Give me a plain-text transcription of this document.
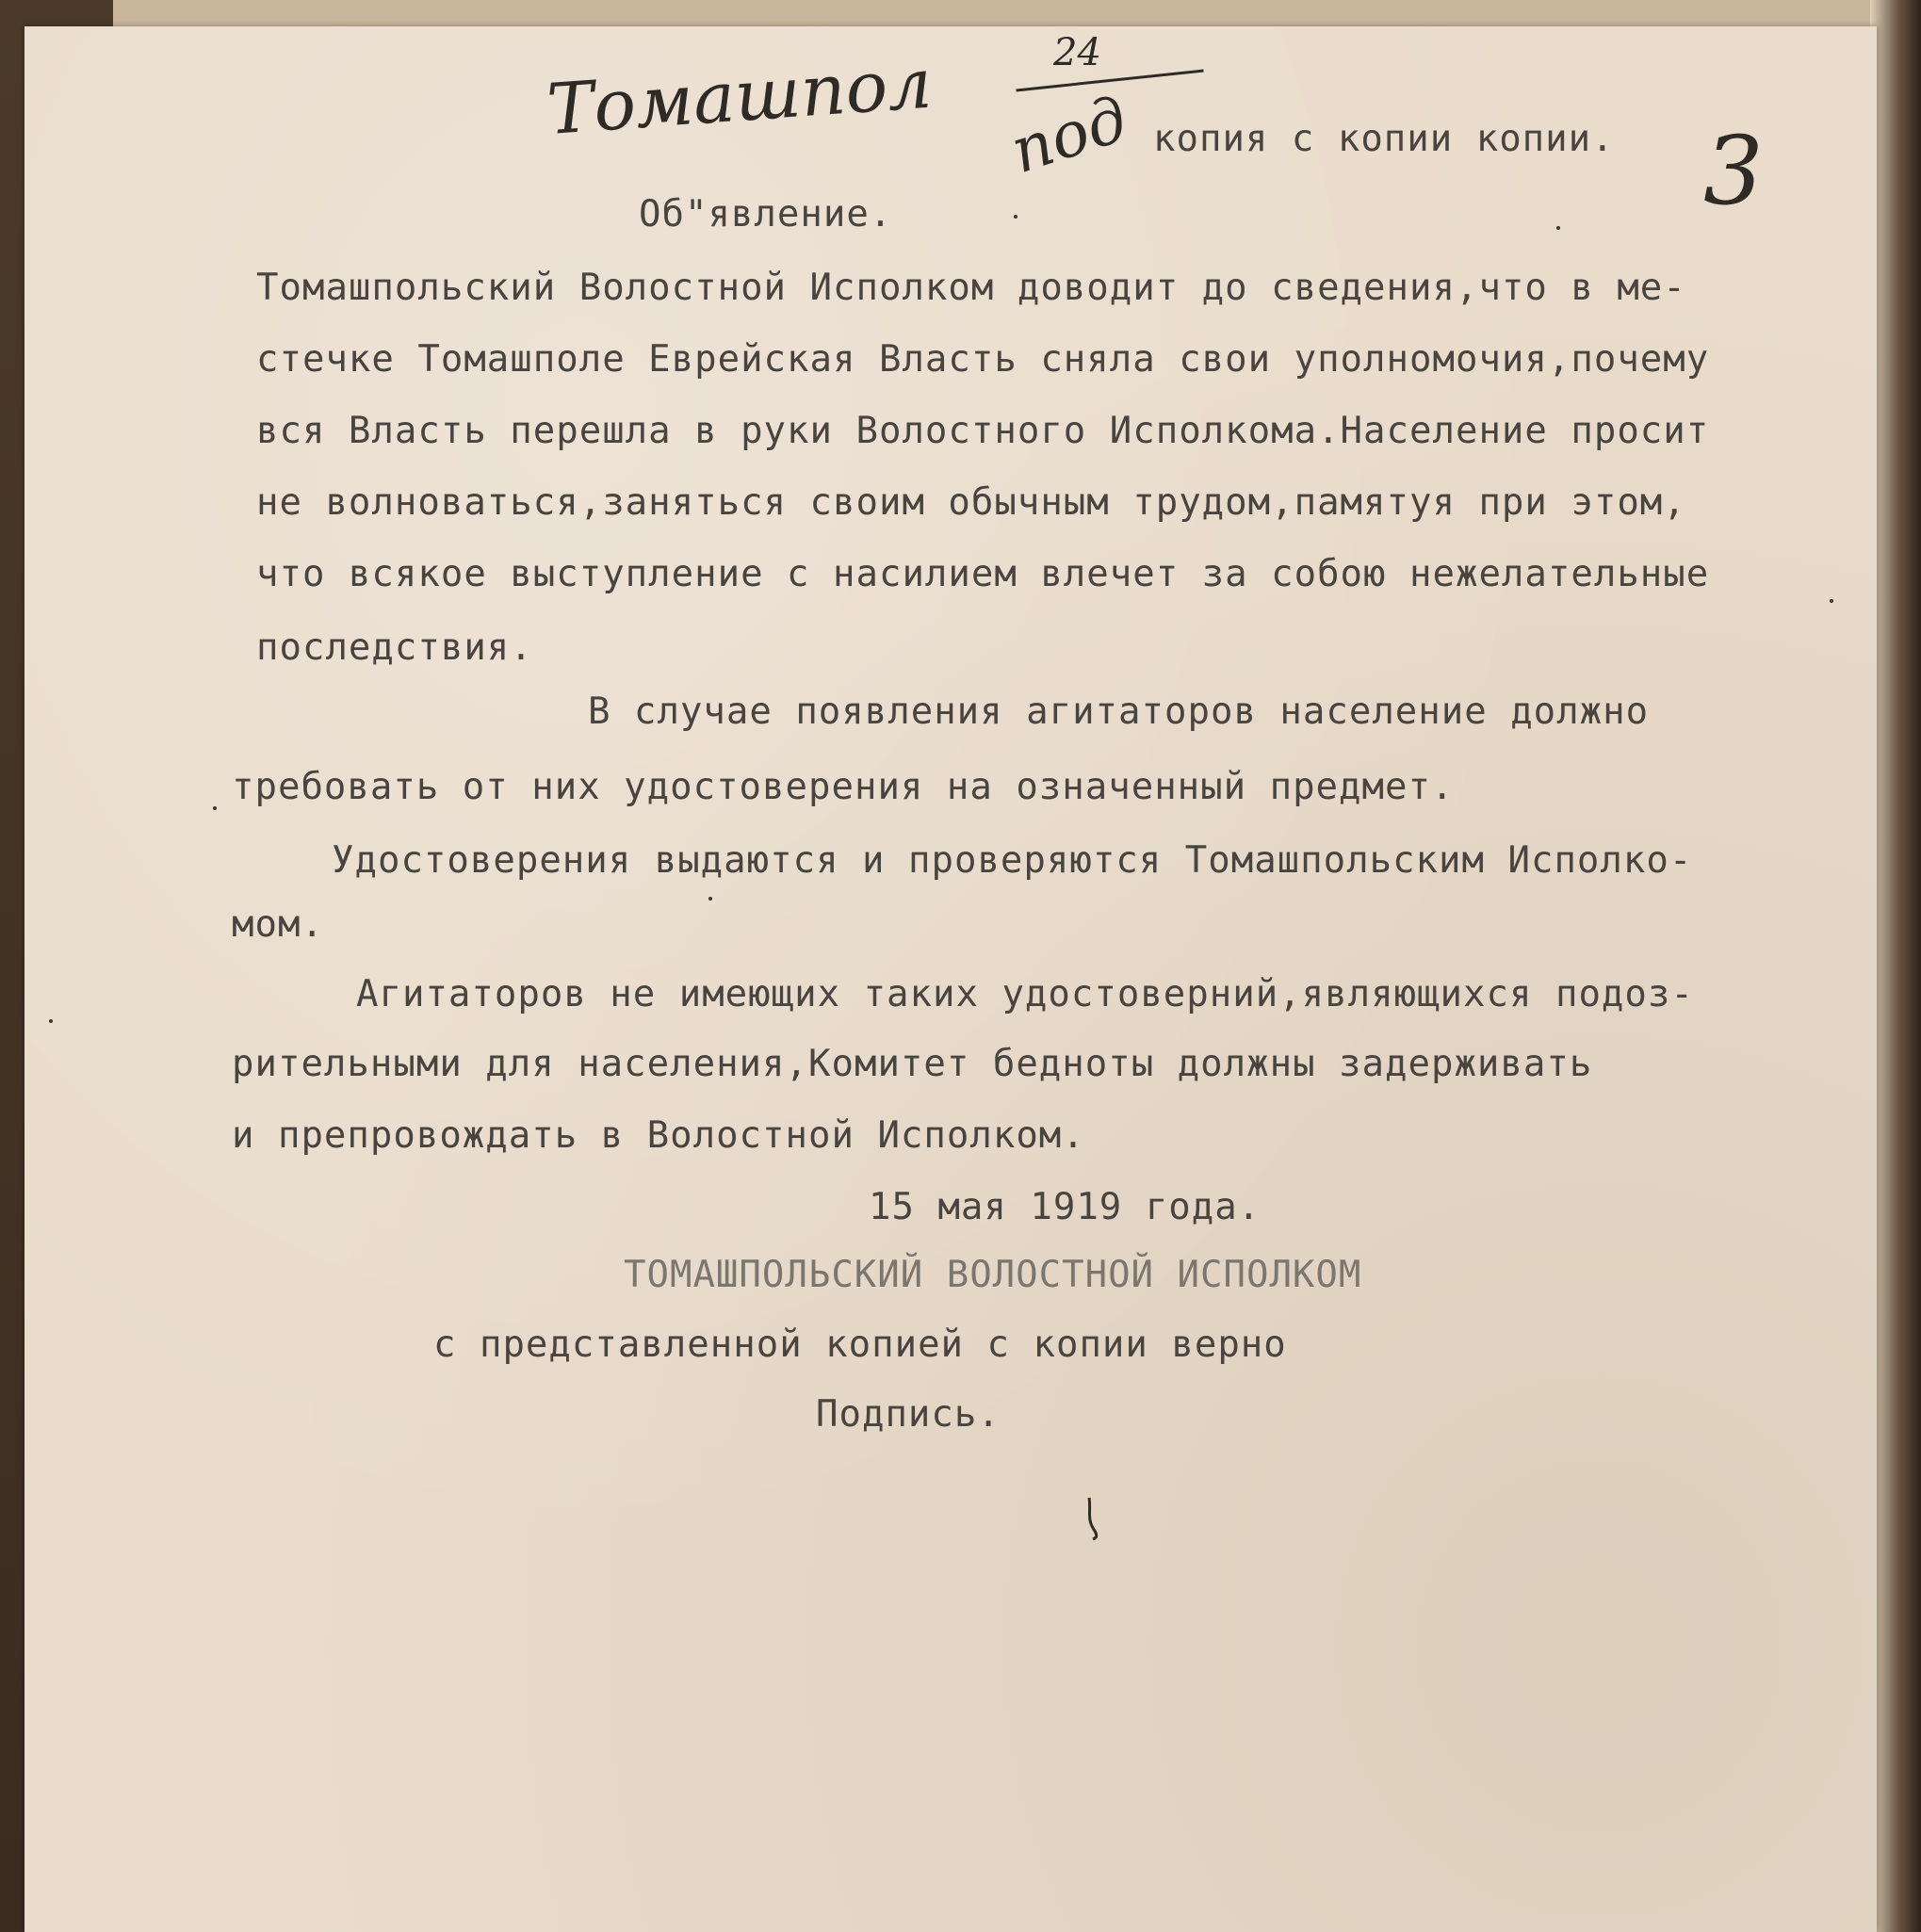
Томашпол	24
под копия с копии копии. 3

Об"явление.

Томашпольский Волостной Исполком доводит до сведения,что в ме-

стечке Томашполе Еврейская Власть сняла свои уполномочия,почему

вся Власть перешла в руки Волостного Исполкома.Население просит

не волноваться,заняться своим обычным трудом,памятуя при этом,

что всякое выступление с насилием влечет за собою нежелательные

последствия.

В случае появления агитаторов население должно

требовать от них удостоверения на означенный предмет.

Удостоверения выдаются и проверяются Томашпольским Исполко-

мом.

Агитаторов не имеющих таких удостоверний,являющихся подоз-

рительными для населения,Комитет бедноты должны задерживать

и препровождать в Волостной Исполком.

15 мая 1919 года.

ТОМАШПОЛЬСКИЙ ВОЛОСТНОЙ ИСПОЛКОМ

с представленной копией с копии верно

Подпись.
